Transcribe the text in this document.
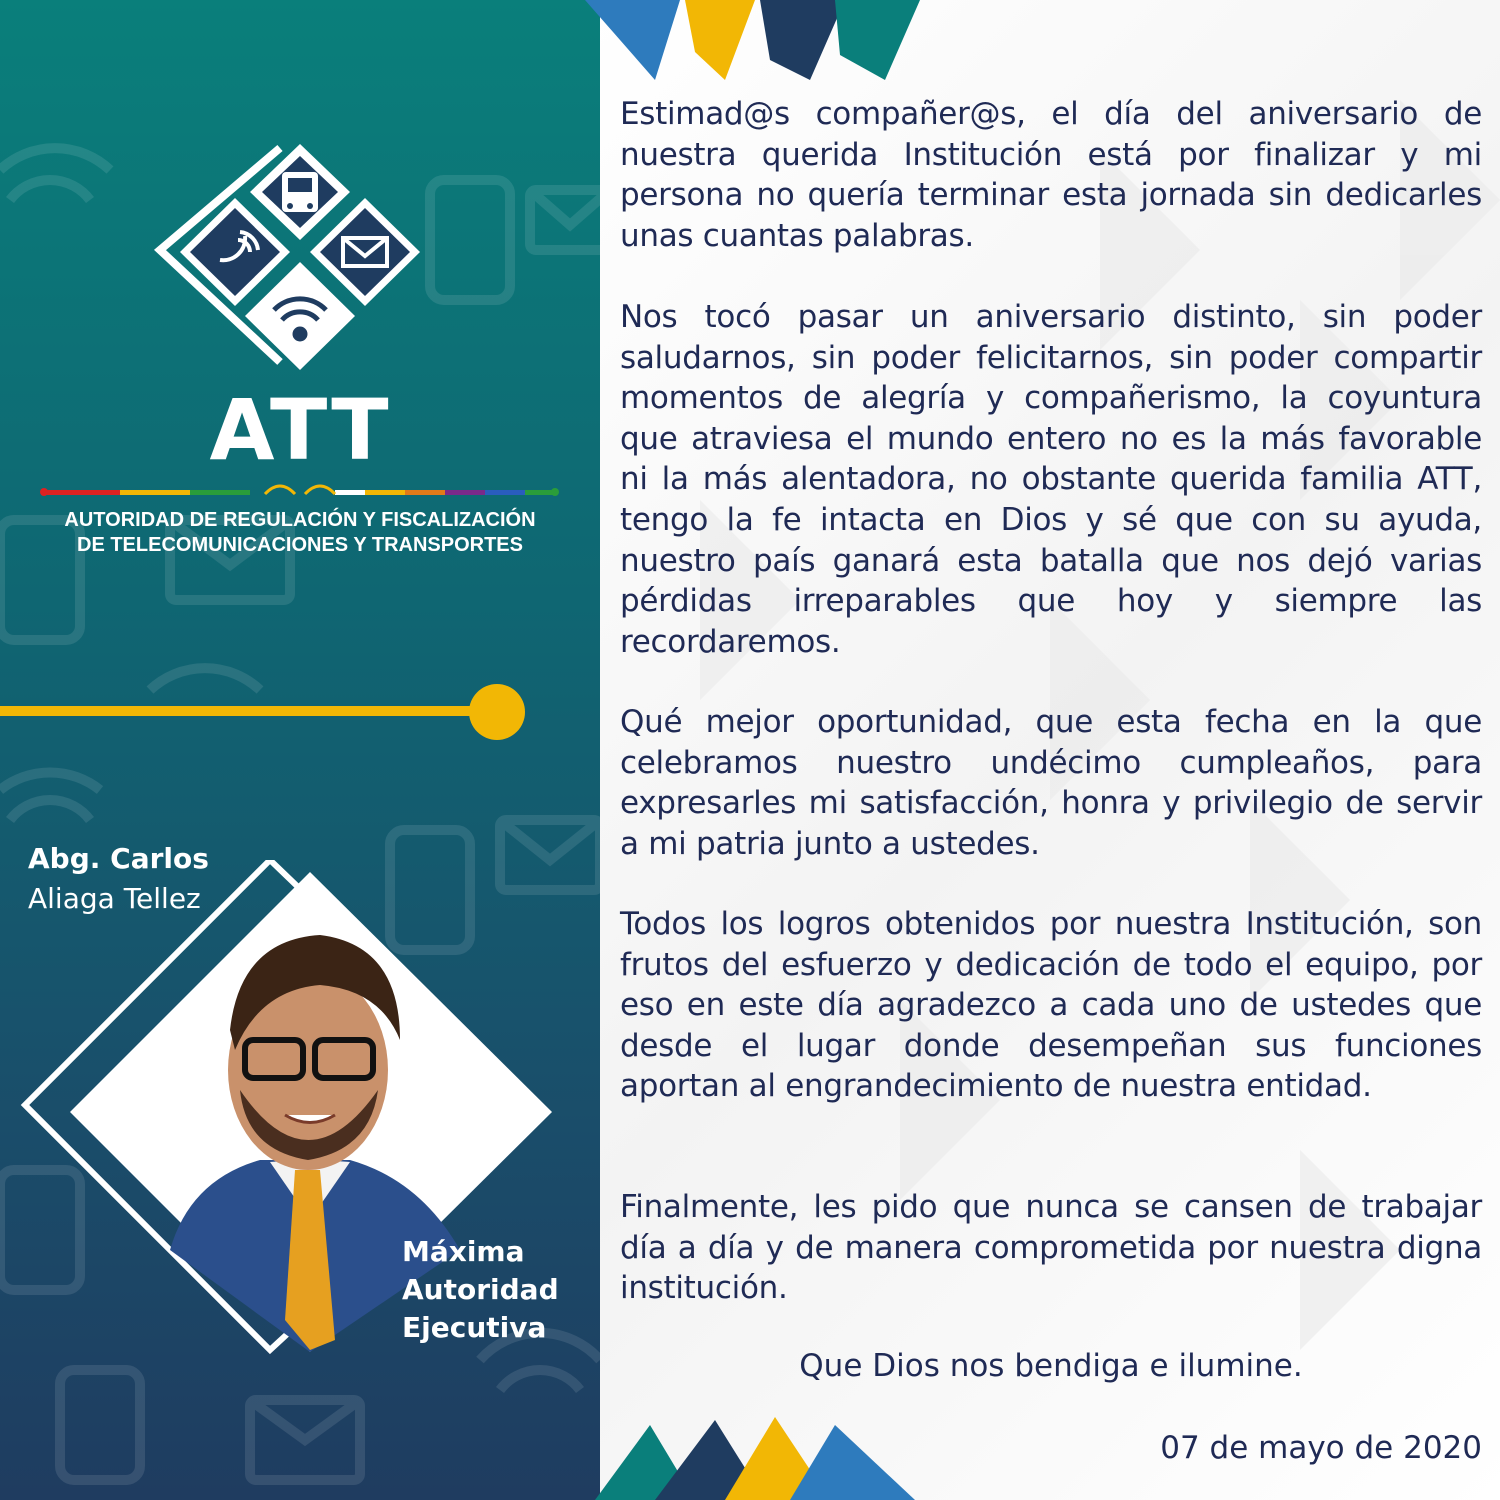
ATT
AUTORIDAD DE REGULACIÓN Y FISCALIZACIÓN
DE TELECOMUNICACIONES Y TRANSPORTES
Abg. Carlos
Aliaga Tellez
Máxima
Autoridad
Ejecutiva

Estimad@s compañer@s, el día del aniversario de nuestra querida Institución está por finalizar y mi persona no quería terminar esta jornada sin dedicarles unas cuantas palabras.

Nos tocó pasar un aniversario distinto, sin poder saludarnos, sin poder felicitarnos, sin poder compartir momentos de alegría y compañerismo, la coyuntura que atraviesa el mundo entero no es la más favorable ni la más alentadora, no obstante querida familia ATT, tengo la fe intacta en Dios y sé que con su ayuda, nuestro país ganará esta batalla que nos dejó varias pérdidas irreparables que hoy y siempre las recordaremos.

Qué mejor oportunidad, que esta fecha en la que celebramos nuestro undécimo cumpleaños, para expresarles mi satisfacción, honra y privilegio de servir a mi patria junto a ustedes.

Todos los logros obtenidos por nuestra Institución, son frutos del esfuerzo y dedicación de todo el equipo, por eso en este día agradezco a cada uno de ustedes que desde el lugar donde desempeñan sus funciones aportan al engrandecimiento de nuestra entidad.

Finalmente, les pido que nunca se cansen de trabajar día a día y de manera comprometida por nuestra digna institución.

Que Dios nos bendiga e ilumine.
07 de mayo de 2020
